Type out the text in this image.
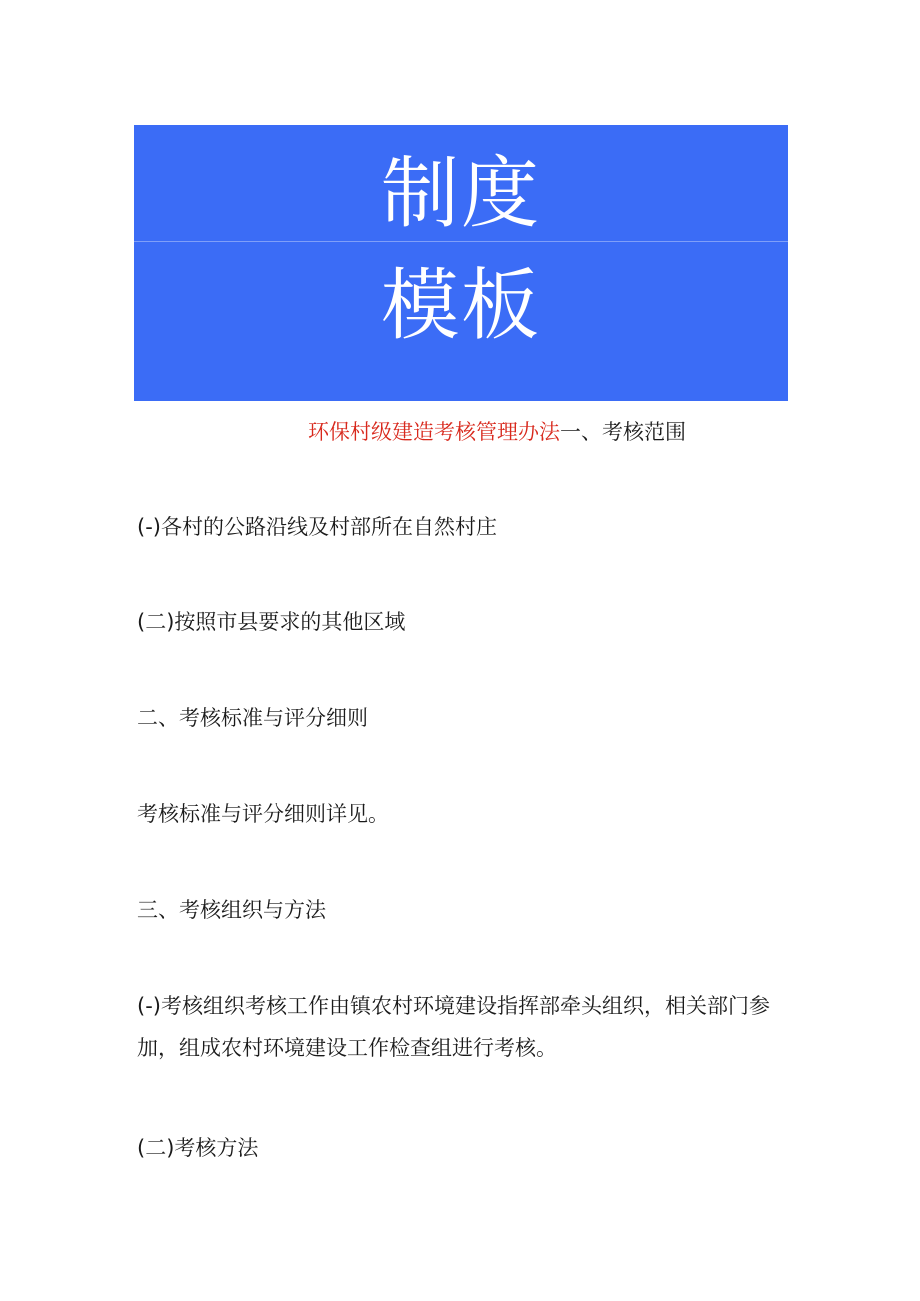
制度
模板
环保村级建造考核管理办法一、考核范围
(-)各村的公路沿线及村部所在自然村庄
(二)按照市县要求的其他区域
二、考核标准与评分细则
考核标准与评分细则详见。
三、考核组织与方法
(-)考核组织考核工作由镇农村环境建设指挥部牵头组织，相关部门参加，组成农村环境建设工作检查组进行考核。
(二)考核方法
